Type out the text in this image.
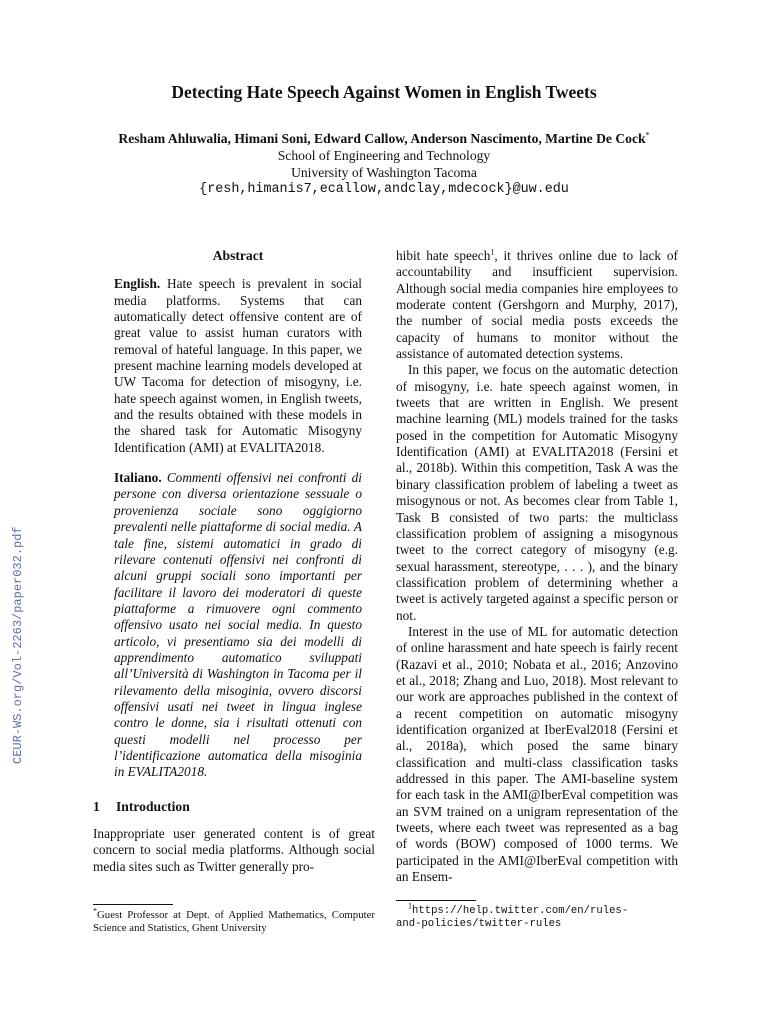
Detecting Hate Speech Against Women in English Tweets
Resham Ahluwalia, Himani Soni, Edward Callow, Anderson Nascimento, Martine De Cock*
School of Engineering and Technology
University of Washington Tacoma
{resh,himanis7,ecallow,andclay,mdecock}@uw.edu
CEUR-WS.org/Vol-2263/paper032.pdf

Abstract

English. Hate speech is prevalent in social media platforms. Systems that can automatically detect offensive content are of great value to assist human curators with removal of hateful language. In this paper, we present machine learning models developed at UW Tacoma for detection of misogyny, i.e. hate speech against women, in English tweets, and the results obtained with these models in the shared task for Automatic Misogyny Identification (AMI) at EVALITA2018.

Italiano. Commenti offensivi nei confronti di persone con diversa orientazione sessuale o provenienza sociale sono oggigiorno prevalenti nelle piattaforme di social media. A tale fine, sistemi automatici in grado di rilevare contenuti offensivi nei confronti di alcuni gruppi sociali sono importanti per facilitare il lavoro dei moderatori di queste piattaforme a rimuovere ogni commento offensivo usato nei social media. In questo articolo, vi presentiamo sia dei modelli di apprendimento automatico sviluppati all’Università di Washington in Tacoma per il rilevamento della misoginia, ovvero discorsi offensivi usati nei tweet in lingua inglese contro le donne, sia i risultati ottenuti con questi modelli nel processo per l’identificazione automatica della misoginia in EVALITA2018.

1 Introduction

Inappropriate user generated content is of great concern to social media platforms. Although social media sites such as Twitter generally pro-

*Guest Professor at Dept. of Applied Mathematics, Computer Science and Statistics, Ghent University

hibit hate speech$^1$, it thrives online due to lack of accountability and insufficient supervision. Although social media companies hire employees to moderate content (Gershgorn and Murphy, 2017), the number of social media posts exceeds the capacity of humans to monitor without the assistance of automated detection systems.

In this paper, we focus on the automatic detection of misogyny, i.e. hate speech against women, in tweets that are written in English. We present machine learning (ML) models trained for the tasks posed in the competition for Automatic Misogyny Identification (AMI) at EVALITA2018 (Fersini et al., 2018b). Within this competition, Task A was the binary classification problem of labeling a tweet as misogynous or not. As becomes clear from Table 1, Task B consisted of two parts: the multiclass classification problem of assigning a misogynous tweet to the correct category of misogyny (e.g. sexual harassment, stereotype, . . . ), and the binary classification problem of determining whether a tweet is actively targeted against a specific person or not.

Interest in the use of ML for automatic detection of online harassment and hate speech is fairly recent (Razavi et al., 2010; Nobata et al., 2016; Anzovino et al., 2018; Zhang and Luo, 2018). Most relevant to our work are approaches published in the context of a recent competition on automatic misogyny identification organized at IberEval2018 (Fersini et al., 2018a), which posed the same binary classification and multi-class classification tasks addressed in this paper. The AMI-baseline system for each task in the AMI@IberEval competition was an SVM trained on a unigram representation of the tweets, where each tweet was represented as a bag of words (BOW) composed of 1000 terms. We participated in the AMI@IberEval competition with an Ensem-

$^1$https://help.twitter.com/en/rules-
and-policies/twitter-rules
